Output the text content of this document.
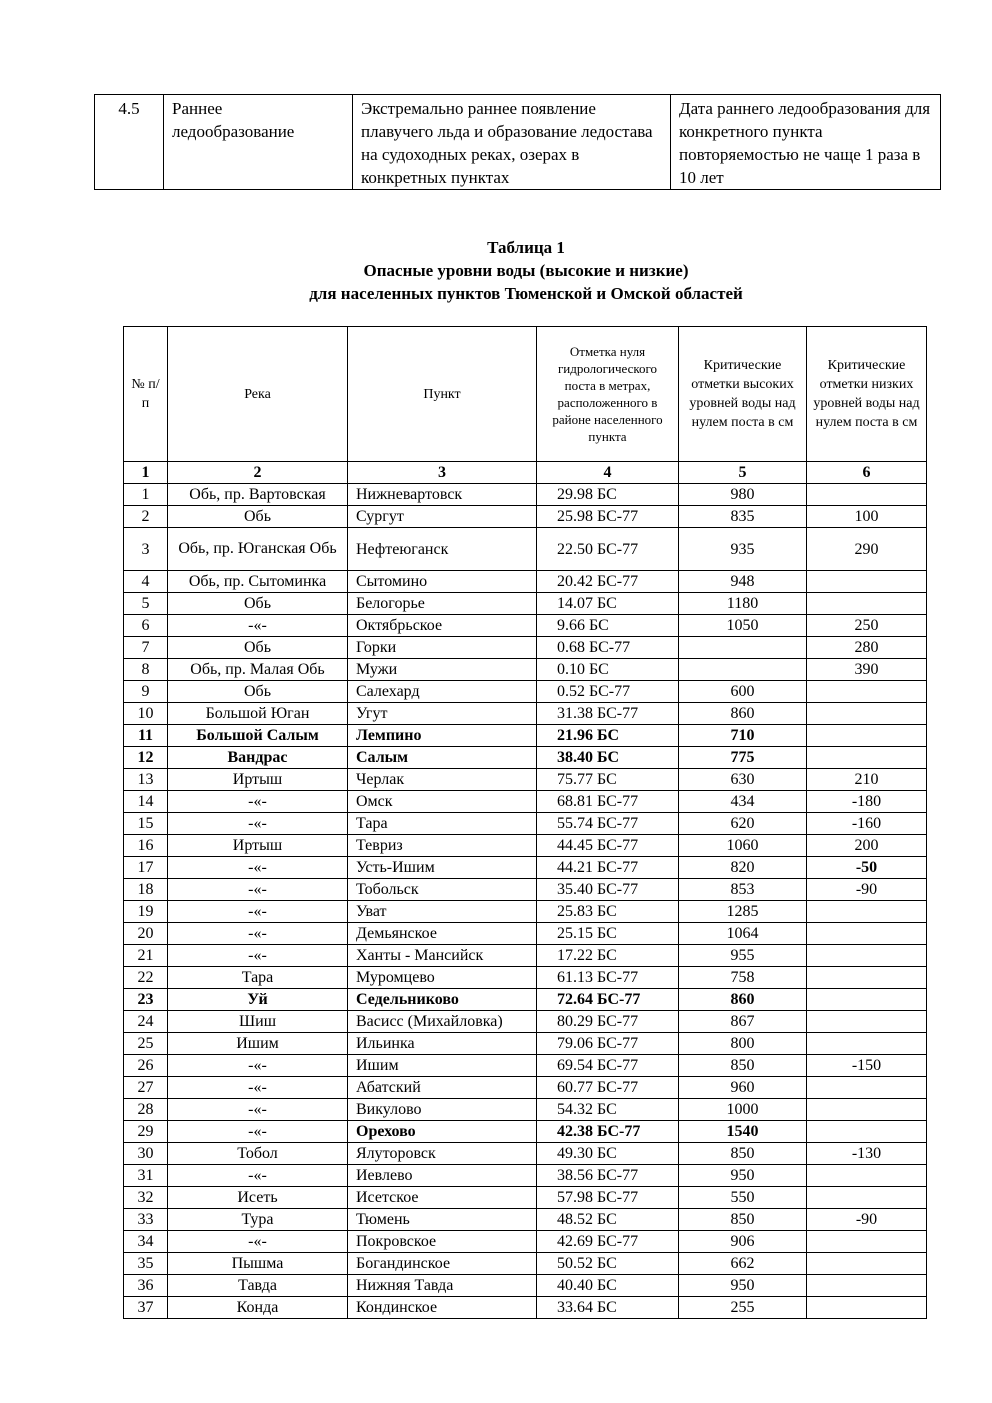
4.5	Раннее ледообразование	Экстремально раннее появление плавучего льда и образование ледостава на судоходных реках, озерах в конкретных пунктах	Дата раннего ледообразования для конкретного пункта повторяемостью не чаще 1 раза в 10 лет
Таблица 1
Опасные уровни воды (высокие и низкие)
для населенных пунктов Тюменской и Омской областей
№ п/п	Река	Пункт	Отметка нуля гидрологического поста в метрах, расположенного в районе населенного пункта	Критические отметки высоких уровней воды над нулем поста в см	Критические отметки низких уровней воды над нулем поста в см
1	2	3	4	5	6
1	Обь, пр. Вартовская	Нижневартовск	29.98 БС	980	
2	Обь	Сургут	25.98 БС-77	835	100
3	Обь, пр. Юганская Обь	Нефтеюганск	22.50 БС-77	935	290
4	Обь, пр. Сытоминка	Сытомино	20.42 БС-77	948	
5	Обь	Белогорье	14.07 БС	1180	
6	-«-	Октябрьское	9.66 БС	1050	250
7	Обь	Горки	0.68 БС-77		280
8	Обь, пр. Малая Обь	Мужи	0.10 БС		390
9	Обь	Салехард	0.52 БС-77	600	
10	Большой Юган	Угут	31.38 БС-77	860	
11	Большой Салым	Лемпино	21.96 БС	710	
12	Вандрас	Салым	38.40 БС	775	
13	Иртыш	Черлак	75.77 БС	630	210
14	-«-	Омск	68.81 БС-77	434	-180
15	-«-	Тара	55.74 БС-77	620	-160
16	Иртыш	Тевриз	44.45 БС-77	1060	200
17	-«-	Усть-Ишим	44.21 БС-77	820	-50
18	-«-	Тобольск	35.40 БС-77	853	-90
19	-«-	Уват	25.83 БС	1285	
20	-«-	Демьянское	25.15 БС	1064	
21	-«-	Ханты - Мансийск	17.22 БС	955	
22	Тара	Муромцево	61.13 БС-77	758	
23	Уй	Седельниково	72.64 БС-77	860	
24	Шиш	Васисс (Михайловка)	80.29 БС-77	867	
25	Ишим	Ильинка	79.06 БС-77	800	
26	-«-	Ишим	69.54 БС-77	850	-150
27	-«-	Абатский	60.77 БС-77	960	
28	-«-	Викулово	54.32 БС	1000	
29	-«-	Орехово	42.38 БС-77	1540	
30	Тобол	Ялуторовск	49.30 БС	850	-130
31	-«-	Иевлево	38.56 БС-77	950	
32	Исеть	Исетское	57.98 БС-77	550	
33	Тура	Тюмень	48.52 БС	850	-90
34	-«-	Покровское	42.69 БС-77	906	
35	Пышма	Богандинское	50.52 БС	662	
36	Тавда	Нижняя Тавда	40.40 БС	950	
37	Конда	Кондинское	33.64 БС	255	
